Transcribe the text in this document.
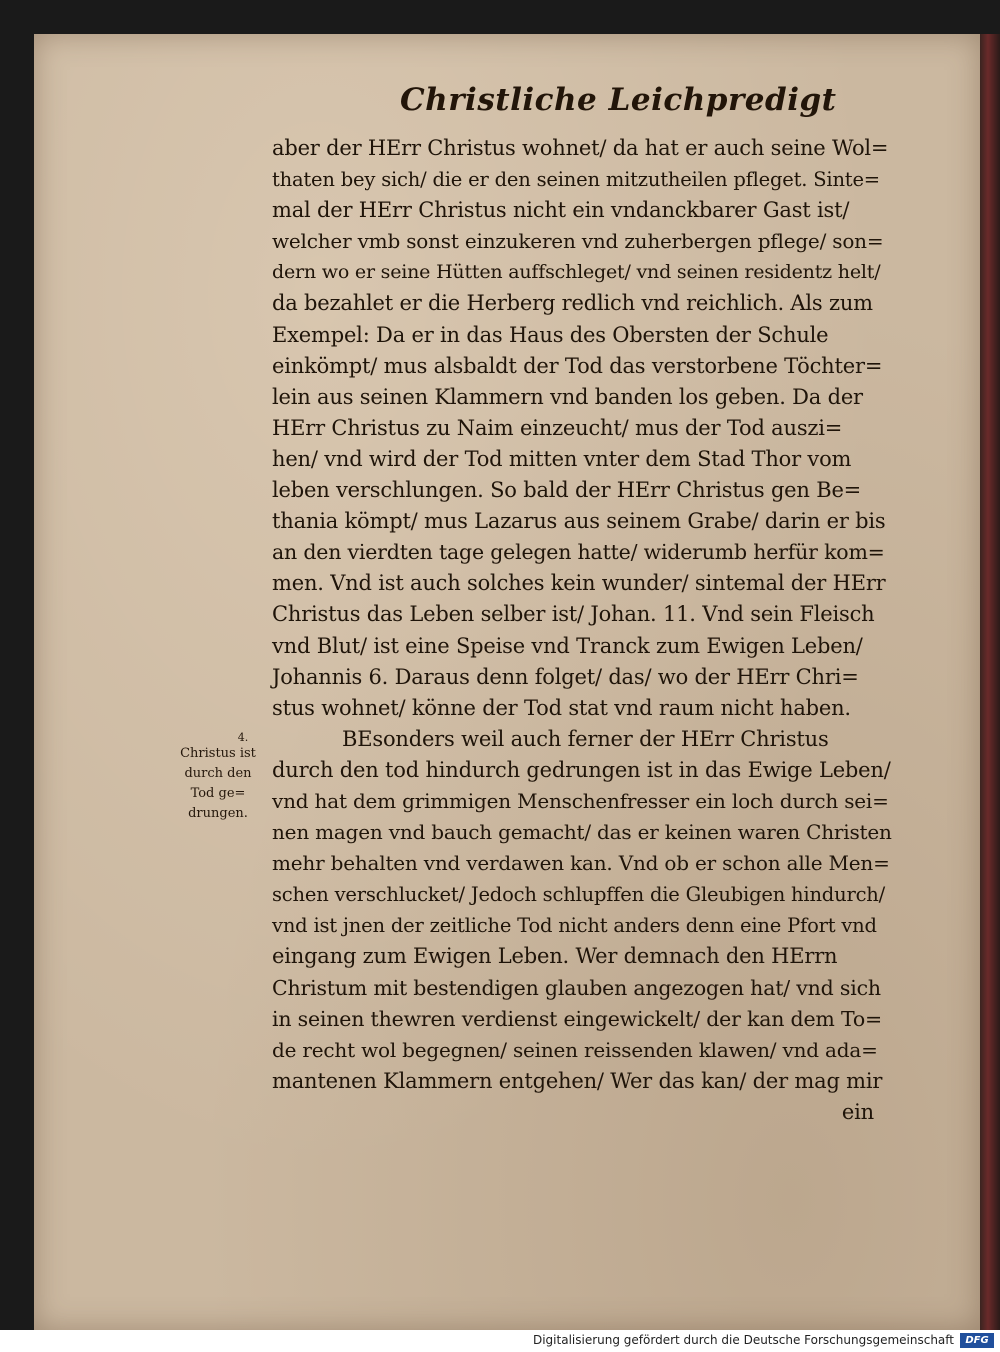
Christliche Leichpredigt
aber der HErr Christus wohnet/ da hat er auch seine Wol=
thaten bey sich/ die er den seinen mitzutheilen pfleget. Sinte=
mal der HErr Christus nicht ein vndanckbarer Gast ist/
welcher vmb sonst einzukeren vnd zuherbergen pflege/ son=
dern wo er seine Hütten auffschleget/ vnd seinen residentz helt/
da bezahlet er die Herberg redlich vnd reichlich. Als zum
Exempel: Da er in das Haus des Obersten der Schule
einkömpt/ mus alsbaldt der Tod das verstorbene Töchter=
lein aus seinen Klammern vnd banden los geben. Da der
HErr Christus zu Naim einzeucht/ mus der Tod auszi=
hen/ vnd wird der Tod mitten vnter dem Stad Thor vom
leben verschlungen. So bald der HErr Christus gen Be=
thania kömpt/ mus Lazarus aus seinem Grabe/ darin er bis
an den vierdten tage gelegen hatte/ widerumb herfür kom=
men. Vnd ist auch solches kein wunder/ sintemal der HErr
Christus das Leben selber ist/ Johan. 11. Vnd sein Fleisch
vnd Blut/ ist eine Speise vnd Tranck zum Ewigen Leben/
Johannis 6. Daraus denn folget/ das/ wo der HErr Chri=
stus wohnet/ könne der Tod stat vnd raum nicht haben.
BEsonders weil auch ferner der HErr Christus
durch den tod hindurch gedrungen ist in das Ewige Leben/
vnd hat dem grimmigen Menschenfresser ein loch durch sei=
nen magen vnd bauch gemacht/ das er keinen waren Christen
mehr behalten vnd verdawen kan. Vnd ob er schon alle Men=
schen verschlucket/ Jedoch schlupffen die Gleubigen hindurch/
vnd ist jnen der zeitliche Tod nicht anders denn eine Pfort vnd
eingang zum Ewigen Leben. Wer demnach den HErrn
Christum mit bestendigen glauben angezogen hat/ vnd sich
in seinen thewren verdienst eingewickelt/ der kan dem To=
de recht wol begegnen/ seinen reissenden klawen/ vnd ada=
mantenen Klammern entgehen/ Wer das kan/ der mag mir
ein
4.
Christus ist
durch den
Tod ge=
drungen.
Digitalisierung gefördert durch die Deutsche Forschungsgemeinschaft	DFG
